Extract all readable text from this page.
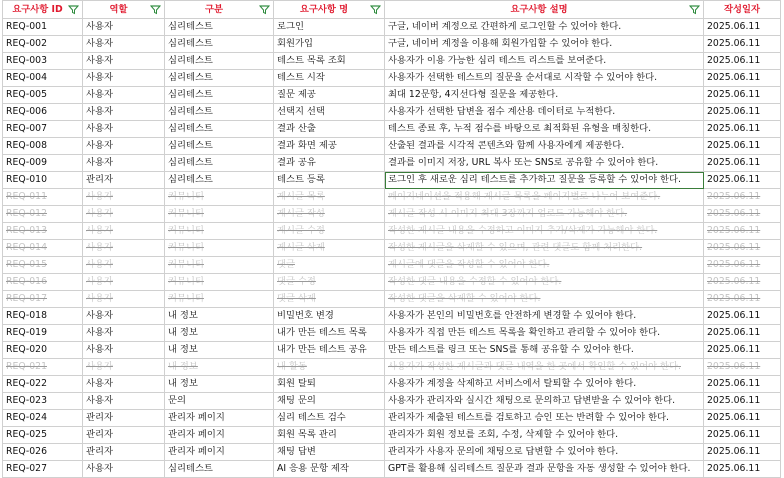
요구사항 ID	역할	구분	요구사항 명	요구사항 설명	작성일자
REQ-001	사용자	심리테스트	로그인	구글, 네이버 계정으로 간편하게 로그인할 수 있어야 한다.	2025.06.11
REQ-002	사용자	심리테스트	회원가입	구글, 네이버 계정을 이용해 회원가입할 수 있어야 한다.	2025.06.11
REQ-003	사용자	심리테스트	테스트 목록 조회	사용자가 이용 가능한 심리 테스트 리스트를 보여준다.	2025.06.11
REQ-004	사용자	심리테스트	테스트 시작	사용자가 선택한 테스트의 질문을 순서대로 시작할 수 있어야 한다.	2025.06.11
REQ-005	사용자	심리테스트	질문 제공	최대 12문항, 4지선다형 질문을 제공한다.	2025.06.11
REQ-006	사용자	심리테스트	선택지 선택	사용자가 선택한 답변을 점수 계산용 데이터로 누적한다.	2025.06.11
REQ-007	사용자	심리테스트	결과 산출	테스트 종료 후, 누적 점수를 바탕으로 최적화된 유형을 매칭한다.	2025.06.11
REQ-008	사용자	심리테스트	결과 화면 제공	산출된 결과를 시각적 콘텐츠와 함께 사용자에게 제공한다.	2025.06.11
REQ-009	사용자	심리테스트	결과 공유	결과를 이미지 저장, URL 복사 또는 SNS로 공유할 수 있어야 한다.	2025.06.11
REQ-010	관리자	심리테스트	테스트 등록	로그인 후 새로운 심리 테스트를 추가하고 질문을 등록할 수 있어야 한다.	2025.06.11
REQ-011	사용자	커뮤니티	게시글 목록	페이지네이션을 적용해 게시글 목록을 페이지별로 나누어 보여준다.	2025.06.11
REQ-012	사용자	커뮤니티	게시글 작성	게시글 작성 시 이미지 최대 3장까지 업로드 가능해야 한다.	2025.06.11
REQ-013	사용자	커뮤니티	게시글 수정	작성한 게시글 내용을 수정하고 이미지 추가/삭제가 가능해야 한다.	2025.06.11
REQ-014	사용자	커뮤니티	게시글 삭제	작성한 게시글을 삭제할 수 있으며, 관련 댓글도 함께 처리한다.	2025.06.11
REQ-015	사용자	커뮤니티	댓글	게시글에 댓글을 작성할 수 있어야 한다.	2025.06.11
REQ-016	사용자	커뮤니티	댓글 수정	작성한 댓글 내용을 수정할 수 있어야 한다.	2025.06.11
REQ-017	사용자	커뮤니티	댓글 삭제	작성한 댓글을 삭제할 수 있어야 한다.	2025.06.11
REQ-018	사용자	내 정보	비밀번호 변경	사용자가 본인의 비밀번호를 안전하게 변경할 수 있어야 한다.	2025.06.11
REQ-019	사용자	내 정보	내가 만든 테스트 목록	사용자가 직접 만든 테스트 목록을 확인하고 관리할 수 있어야 한다.	2025.06.11
REQ-020	사용자	내 정보	내가 만든 테스트 공유	만든 테스트를 링크 또는 SNS를 통해 공유할 수 있어야 한다.	2025.06.11
REQ-021	사용자	내 정보	내 활동	사용자가 작성한 게시글과 댓글 내역을 한 곳에서 확인할 수 있어야 한다.	2025.06.11
REQ-022	사용자	내 정보	회원 탈퇴	사용자가 계정을 삭제하고 서비스에서 탈퇴할 수 있어야 한다.	2025.06.11
REQ-023	사용자	문의	채팅 문의	사용자가 관리자와 실시간 채팅으로 문의하고 답변받을 수 있어야 한다.	2025.06.11
REQ-024	관리자	관리자 페이지	심리 테스트 검수	관리자가 제출된 테스트를 검토하고 승인 또는 반려할 수 있어야 한다.	2025.06.11
REQ-025	관리자	관리자 페이지	회원 목록 관리	관리자가 회원 정보를 조회, 수정, 삭제할 수 있어야 한다.	2025.06.11
REQ-026	관리자	관리자 페이지	채팅 답변	관리자가 사용자 문의에 채팅으로 답변할 수 있어야 한다.	2025.06.11
REQ-027	사용자	심리테스트	AI 응용 문항 제작	GPT를 활용해 심리테스트 질문과 결과 문항을 자동 생성할 수 있어야 한다.	2025.06.11
